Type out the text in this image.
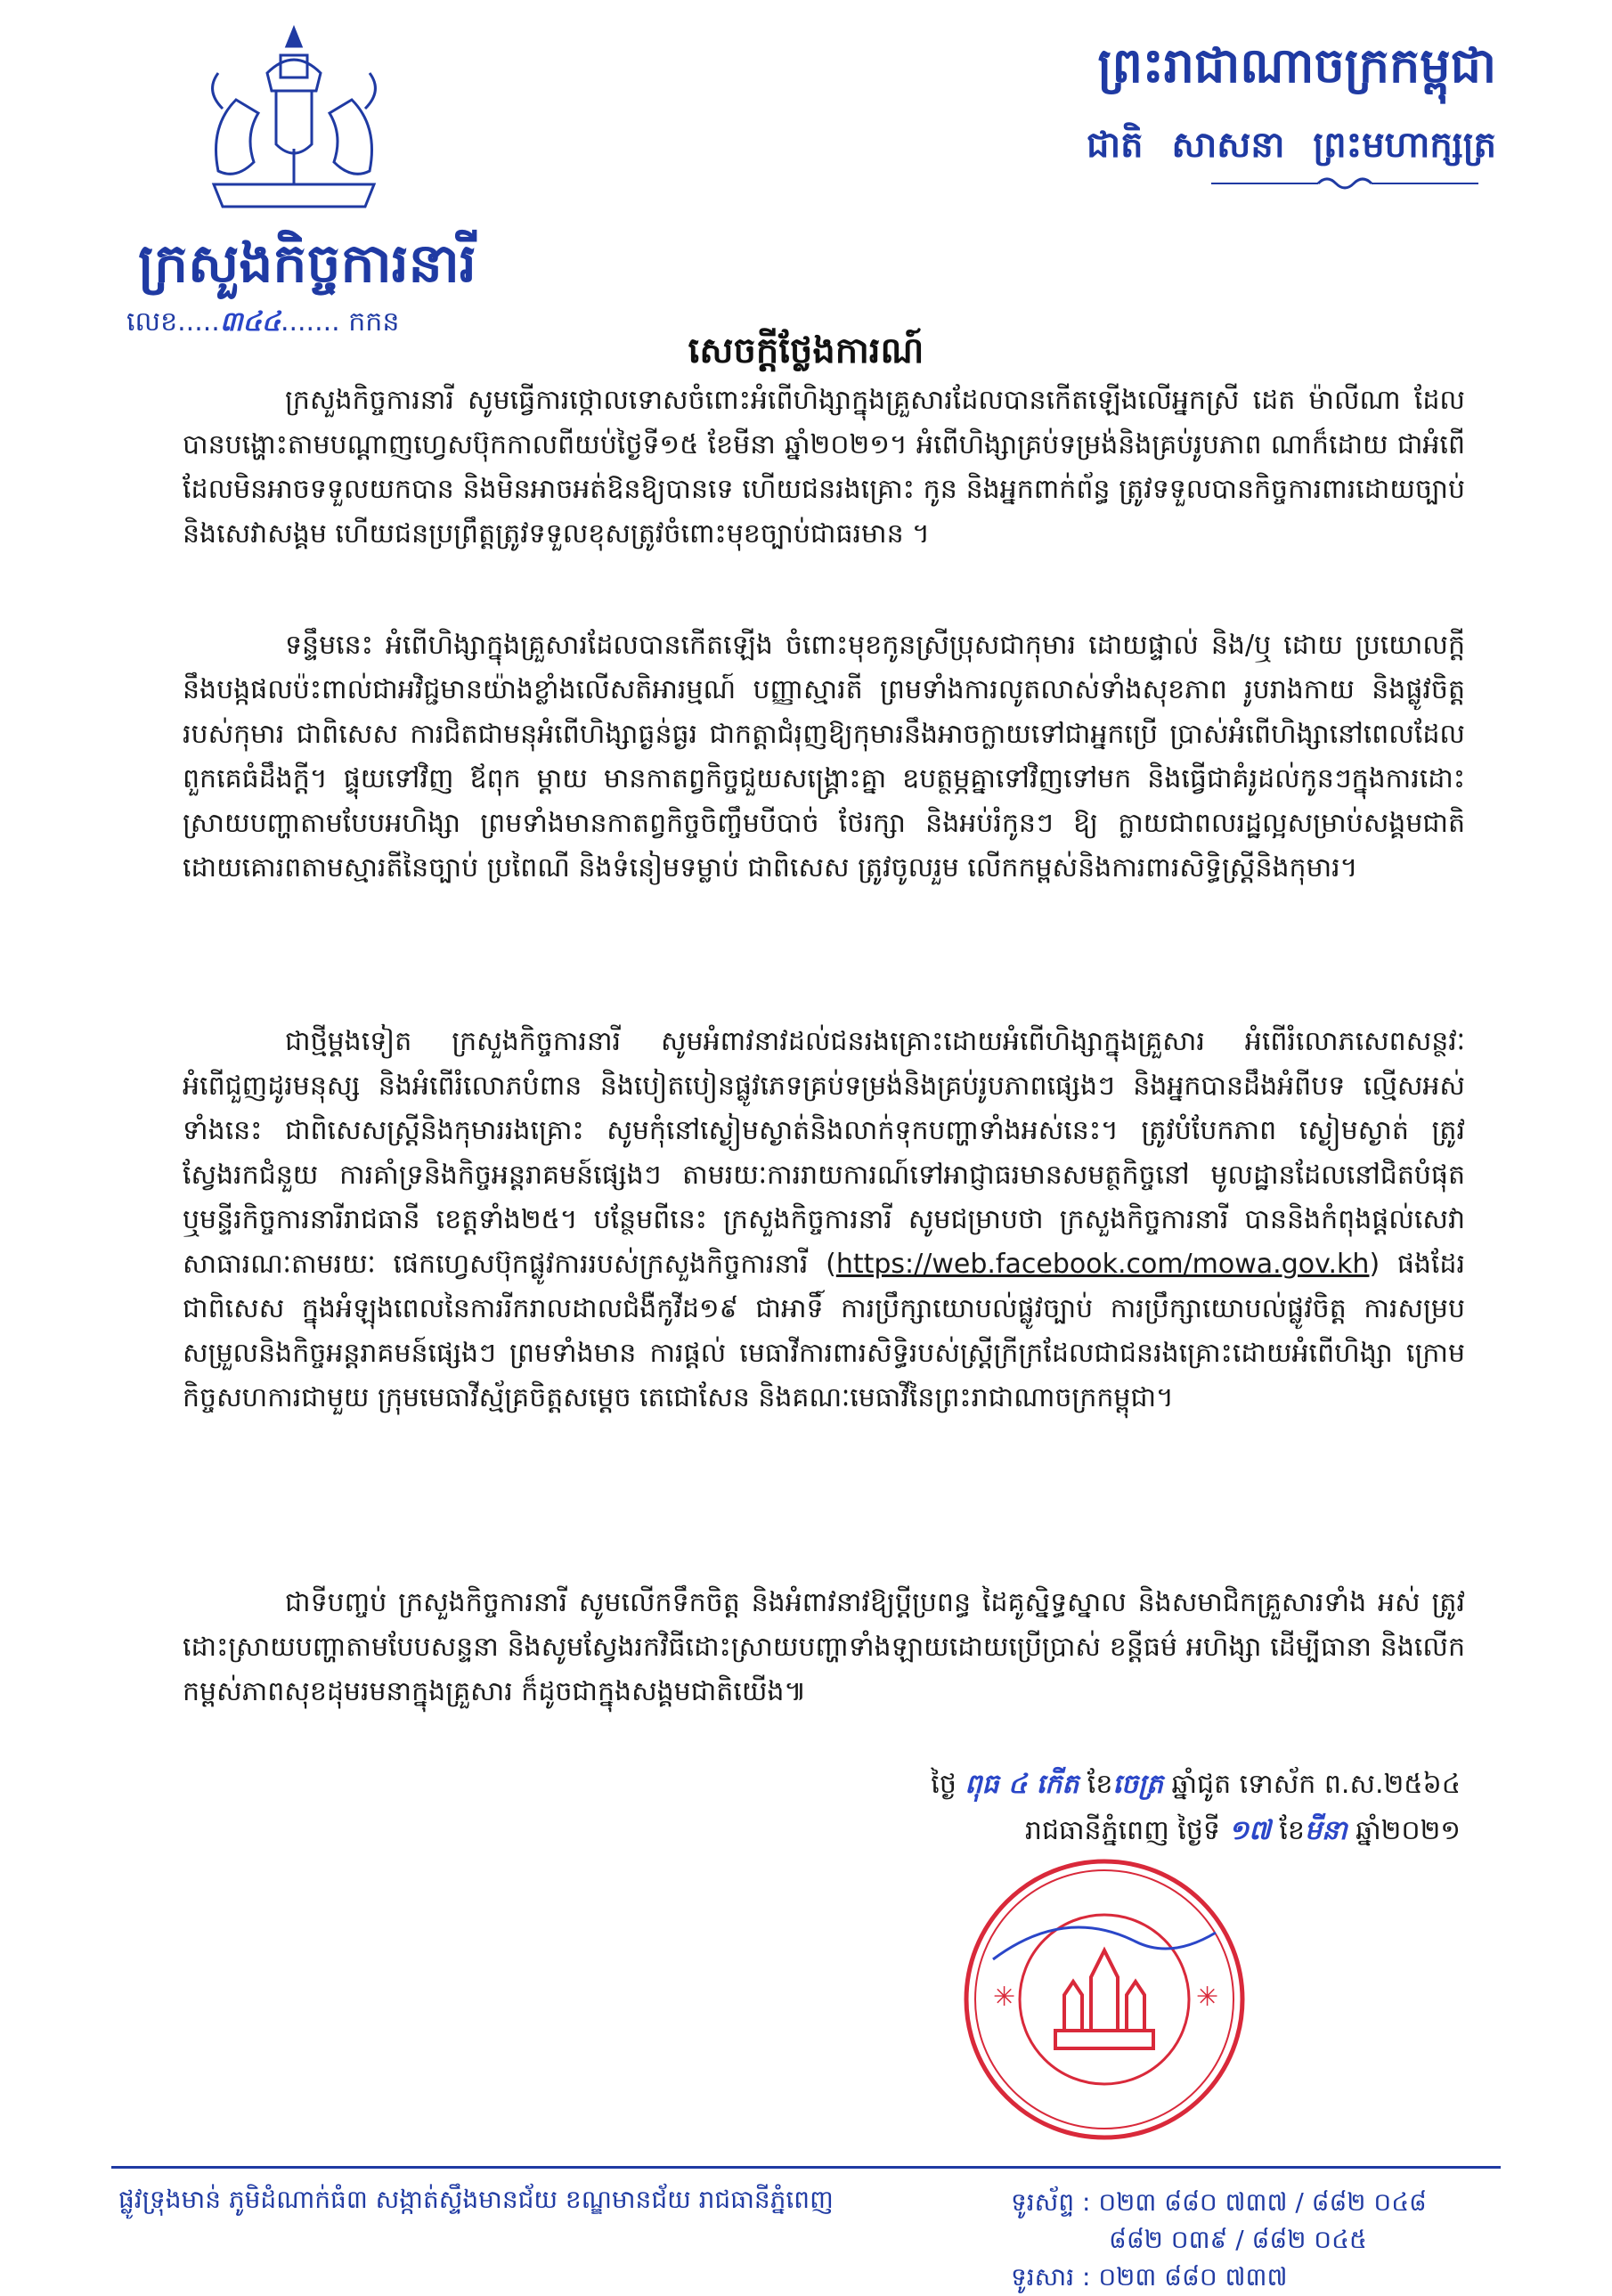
ក្រសួងកិច្ចការនារី
លេខ.....៣៤៤....... កកន
ព្រះរាជាណាចក្រកម្ពុជា
ជាតិ សាសនា ព្រះមហាក្សត្រ
សេចក្តីថ្លែងការណ៍

ក្រសួងកិច្ចការនារី សូមធ្វើការថ្កោលទោសចំពោះអំពើហិង្សាក្នុងគ្រួសារដែលបានកើតឡើងលើអ្នកស្រី ដេត ម៉ាលីណា ដែលបានបង្ហោះតាមបណ្តាញហ្វេសប៊ុកកាលពីយប់ថ្ងៃទី១៥ ខែមីនា ឆ្នាំ២០២១។ អំពើហិង្សាគ្រប់ទម្រង់និងគ្រប់រូបភាព ណាក៏ដោយ ជាអំពើដែលមិនអាចទទួលយកបាន និងមិនអាចអត់ឱនឱ្យបានទេ ហើយជនរងគ្រោះ កូន និងអ្នកពាក់ព័ន្ធ ត្រូវទទួលបានកិច្ចការពារដោយច្បាប់និងសេវាសង្គម ហើយជនប្រព្រឹត្តត្រូវទទួលខុសត្រូវចំពោះមុខច្បាប់ជាធរមាន ។

ទន្ទឹមនេះ អំពើហិង្សាក្នុងគ្រួសារដែលបានកើតឡើង ចំពោះមុខកូនស្រីប្រុសជាកុមារ ដោយផ្ទាល់ និង/ឬ ដោយ ប្រយោលក្តី នឹងបង្កផលប៉ះពាល់ជាអវិជ្ជមានយ៉ាងខ្លាំងលើសតិអារម្មណ៍ បញ្ញាស្មារតី ព្រមទាំងការលូតលាស់ទាំងសុខភាព រូបរាងកាយ និងផ្លូវចិត្តរបស់កុមារ ជាពិសេស ការជិតជាមនុអំពើហិង្សាធ្ងន់ធ្ងរ ជាកត្តាជំរុញឱ្យកុមារនឹងអាចក្លាយទៅជាអ្នកប្រើ ប្រាស់អំពើហិង្សានៅពេលដែលពួកគេធំដឹងក្តី។ ផ្ទុយទៅវិញ ឪពុក ម្តាយ មានកាតព្វកិច្ចជួយសង្គ្រោះគ្នា ឧបត្ថម្ភគ្នាទៅវិញទៅមក និងធ្វើជាគំរូដល់កូនៗក្នុងការដោះស្រាយបញ្ហាតាមបែបអហិង្សា ព្រមទាំងមានកាតព្វកិច្ចចិញ្ចឹមបីបាច់ ថែរក្សា និងអប់រំកូនៗ ឱ្យ ក្លាយជាពលរដ្ឋល្អសម្រាប់សង្គមជាតិដោយគោរពតាមស្មារតីនៃច្បាប់ ប្រពៃណី និងទំនៀមទម្លាប់ ជាពិសេស ត្រូវចូលរួម លើកកម្ពស់និងការពារសិទ្ធិស្ត្រីនិងកុមារ។

ជាថ្មីម្តងទៀត ក្រសួងកិច្ចការនារី សូមអំពាវនាវដល់ជនរងគ្រោះដោយអំពើហិង្សាក្នុងគ្រួសារ អំពើរំលោភសេពសន្ថវៈ អំពើជួញដូរមនុស្ស និងអំពើរំលោភបំពាន និងបៀតបៀនផ្លូវភេទគ្រប់ទម្រង់និងគ្រប់រូបភាពផ្សេងៗ និងអ្នកបានដឹងអំពីបទ ល្មើសអស់ទាំងនេះ ជាពិសេសស្ត្រីនិងកុមាររងគ្រោះ សូមកុំនៅស្ងៀមស្ងាត់និងលាក់ទុកបញ្ហាទាំងអស់នេះ។ ត្រូវបំបែកភាព ស្ងៀមស្ងាត់ ត្រូវស្វែងរកជំនួយ ការគាំទ្រនិងកិច្ចអន្តរាគមន៍ផ្សេងៗ តាមរយៈការរាយការណ៍ទៅអាជ្ញាធរមានសមត្ថកិច្ចនៅ មូលដ្ឋានដែលនៅជិតបំផុត ឬមន្ទីរកិច្ចការនារីរាជធានី ខេត្តទាំង២៥។ បន្ថែមពីនេះ ក្រសួងកិច្ចការនារី សូមជម្រាបថា ក្រសួងកិច្ចការនារី បាននិងកំពុងផ្តល់សេវាសាធារណៈតាមរយៈ ផេកហ្វេសប៊ុកផ្លូវការរបស់ក្រសួងកិច្ចការនារី (https://web.facebook.com/mowa.gov.kh) ផងដែរ ជាពិសេស ក្នុងអំឡុងពេលនៃការរីករាលដាលជំងឺកូវីដ១៩ ជាអាទិ៍ ការប្រឹក្សាយោបល់ផ្លូវច្បាប់ ការប្រឹក្សាយោបល់ផ្លូវចិត្ត ការសម្របសម្រួលនិងកិច្ចអន្តរាគមន៍ផ្សេងៗ ព្រមទាំងមាន ការផ្តល់ មេធាវីការពារសិទ្ធិរបស់ស្ត្រីក្រីក្រដែលជាជនរងគ្រោះដោយអំពើហិង្សា ក្រោមកិច្ចសហការជាមួយ ក្រុមមេធាវីស្ម័គ្រចិត្តសម្តេច តេជោសែន និងគណៈមេធាវីនៃព្រះរាជាណាចក្រកម្ពុជា។

ជាទីបញ្ចប់ ក្រសួងកិច្ចការនារី សូមលើកទឹកចិត្ត និងអំពាវនាវឱ្យប្តីប្រពន្ធ ដៃគូស្និទ្ធស្នាល និងសមាជិកគ្រួសារទាំង អស់ ត្រូវដោះស្រាយបញ្ហាតាមបែបសន្ទនា និងសូមស្វែងរកវិធីដោះស្រាយបញ្ហាទាំងឡាយដោយប្រើប្រាស់ ខន្តីធម៌ អហិង្សា ដើម្បីធានា និងលើកកម្ពស់ភាពសុខដុមរមនាក្នុងគ្រួសារ ក៏ដូចជាក្នុងសង្គមជាតិយើង៕

ថ្ងៃ ពុធ ៤ កើត ខែចេត្រ ឆ្នាំជូត ទោស័ក ព.ស.២៥៦៤
រាជធានីភ្នំពេញ ថ្ងៃទី ១៧ ខែមីនា ឆ្នាំ២០២១
✳	✳
ផ្លូវទ្រុងមាន់ ភូមិដំណាក់ធំ៣ សង្កាត់ស្ទឹងមានជ័យ ខណ្ឌមានជ័យ រាជធានីភ្នំពេញ	ទូរស័ព្ទ : ០២៣ ៨៨០ ៧៣៧ / ៨៨២ ០៤៨
៨៨២ ០៣៩ / ៨៨២ ០៤៥
ទូរសារ : ០២៣ ៨៨០ ៧៣៧
